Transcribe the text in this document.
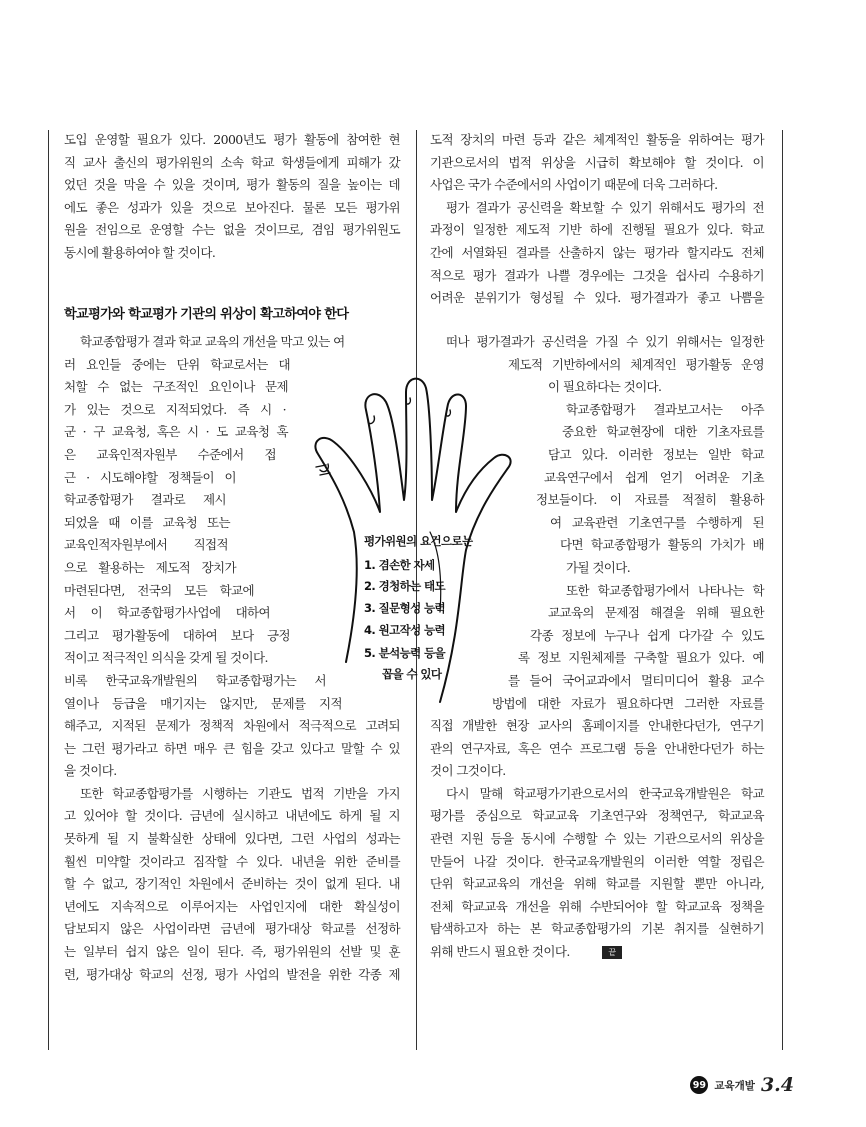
도입 운영할 필요가 있다. 2000년도 평가 활동에 참여한 현
직 교사 출신의 평가위원의 소속 학교 학생들에게 피해가 갔
었던 것을 막을 수 있을 것이며, 평가 활동의 질을 높이는 데
에도 좋은 성과가 있을 것으로 보아진다. 물론 모든 평가위
원을 전임으로 운영할 수는 없을 것이므로, 겸임 평가위원도
동시에 활용하여야 할 것이다.
학교평가와 학교평가 기관의 위상이 확고하여야 한다
학교종합평가 결과 학교 교육의 개선을 막고 있는 여
러 요인들 중에는 단위 학교로서는 대
처할 수 없는 구조적인 요인이나 문제
가 있는 것으로 지적되었다. 즉 시 ·
군 · 구 교육청, 혹은 시 · 도 교육청 혹
은 교육인적자원부 수준에서 접
근 · 시도해야할 정책들이 이
학교종합평가 결과로 제시
되었을 때 이를 교육청 또는
교육인적자원부에서 직접적
으로 활용하는 제도적 장치가
마련된다면, 전국의 모든 학교에
서 이 학교종합평가사업에 대하여
그리고 평가활동에 대하여 보다 긍정
적이고 적극적인 의식을 갖게 될 것이다.
비록 한국교육개발원의 학교종합평가는 서
열이나 등급을 매기지는 않지만, 문제를 지적
해주고, 지적된 문제가 정책적 차원에서 적극적으로 고려되
는 그런 평가라고 하면 매우 큰 힘을 갖고 있다고 말할 수 있
을 것이다.
또한 학교종합평가를 시행하는 기관도 법적 기반을 가지
고 있어야 할 것이다. 금년에 실시하고 내년에도 하게 될 지
못하게 될 지 불확실한 상태에 있다면, 그런 사업의 성과는
훨씬 미약할 것이라고 짐작할 수 있다. 내년을 위한 준비를
할 수 없고, 장기적인 차원에서 준비하는 것이 없게 된다. 내
년에도 지속적으로 이루어지는 사업인지에 대한 확실성이
담보되지 않은 사업이라면 금년에 평가대상 학교를 선정하
는 일부터 쉽지 않은 일이 된다. 즉, 평가위원의 선발 및 훈
련, 평가대상 학교의 선정, 평가 사업의 발전을 위한 각종 제
도적 장치의 마련 등과 같은 체계적인 활동을 위하여는 평가
기관으로서의 법적 위상을 시급히 확보해야 할 것이다. 이
사업은 국가 수준에서의 사업이기 때문에 더욱 그러하다.
평가 결과가 공신력을 확보할 수 있기 위해서도 평가의 전
과정이 일정한 제도적 기반 하에 진행될 필요가 있다. 학교
간에 서열화된 결과를 산출하지 않는 평가라 할지라도 전체
적으로 평가 결과가 나쁠 경우에는 그것을 쉽사리 수용하기
어려운 분위기가 형성될 수 있다. 평가결과가 좋고 나쁨을
떠나 평가결과가 공신력을 가질 수 있기 위해서는 일정한
제도적 기반하에서의 체계적인 평가활동 운영
이 필요하다는 것이다.
학교종합평가 결과보고서는 아주
중요한 학교현장에 대한 기초자료를
담고 있다. 이러한 정보는 일반 학교
교육연구에서 쉽게 얻기 어려운 기초
정보들이다. 이 자료를 적절히 활용하
여 교육관련 기초연구를 수행하게 된
다면 학교종합평가 활동의 가치가 배
가될 것이다.
또한 학교종합평가에서 나타나는 학
교교육의 문제점 해결을 위해 필요한
각종 정보에 누구나 쉽게 다가갈 수 있도
록 정보 지원체제를 구축할 필요가 있다. 예
를 들어 국어교과에서 멀티미디어 활용 교수
방법에 대한 자료가 필요하다면 그러한 자료를
직접 개발한 현장 교사의 홈페이지를 안내한다던가, 연구기
관의 연구자료, 혹은 연수 프로그램 등을 안내한다던가 하는
것이 그것이다.
다시 말해 학교평가기관으로서의 한국교육개발원은 학교
평가를 중심으로 학교교육 기초연구와 정책연구, 학교교육
관련 지원 등을 동시에 수행할 수 있는 기관으로서의 위상을
만들어 나갈 것이다. 한국교육개발원의 이러한 역할 정립은
단위 학교교육의 개선을 위해 학교를 지원할 뿐만 아니라,
전체 학교교육 개선을 위해 수반되어야 할 학교교육 정책을
탐색하고자 하는 본 학교종합평가의 기본 취지를 실현하기
위해 반드시 필요한 것이다.	끝
평가위원의 요건으로는
1. 겸손한 자세
2. 경청하는 태도
3. 질문형성 능력
4. 원고작성 능력
5. 분석능력 등을
꼽을 수 있다
99 교육개발 3.4
